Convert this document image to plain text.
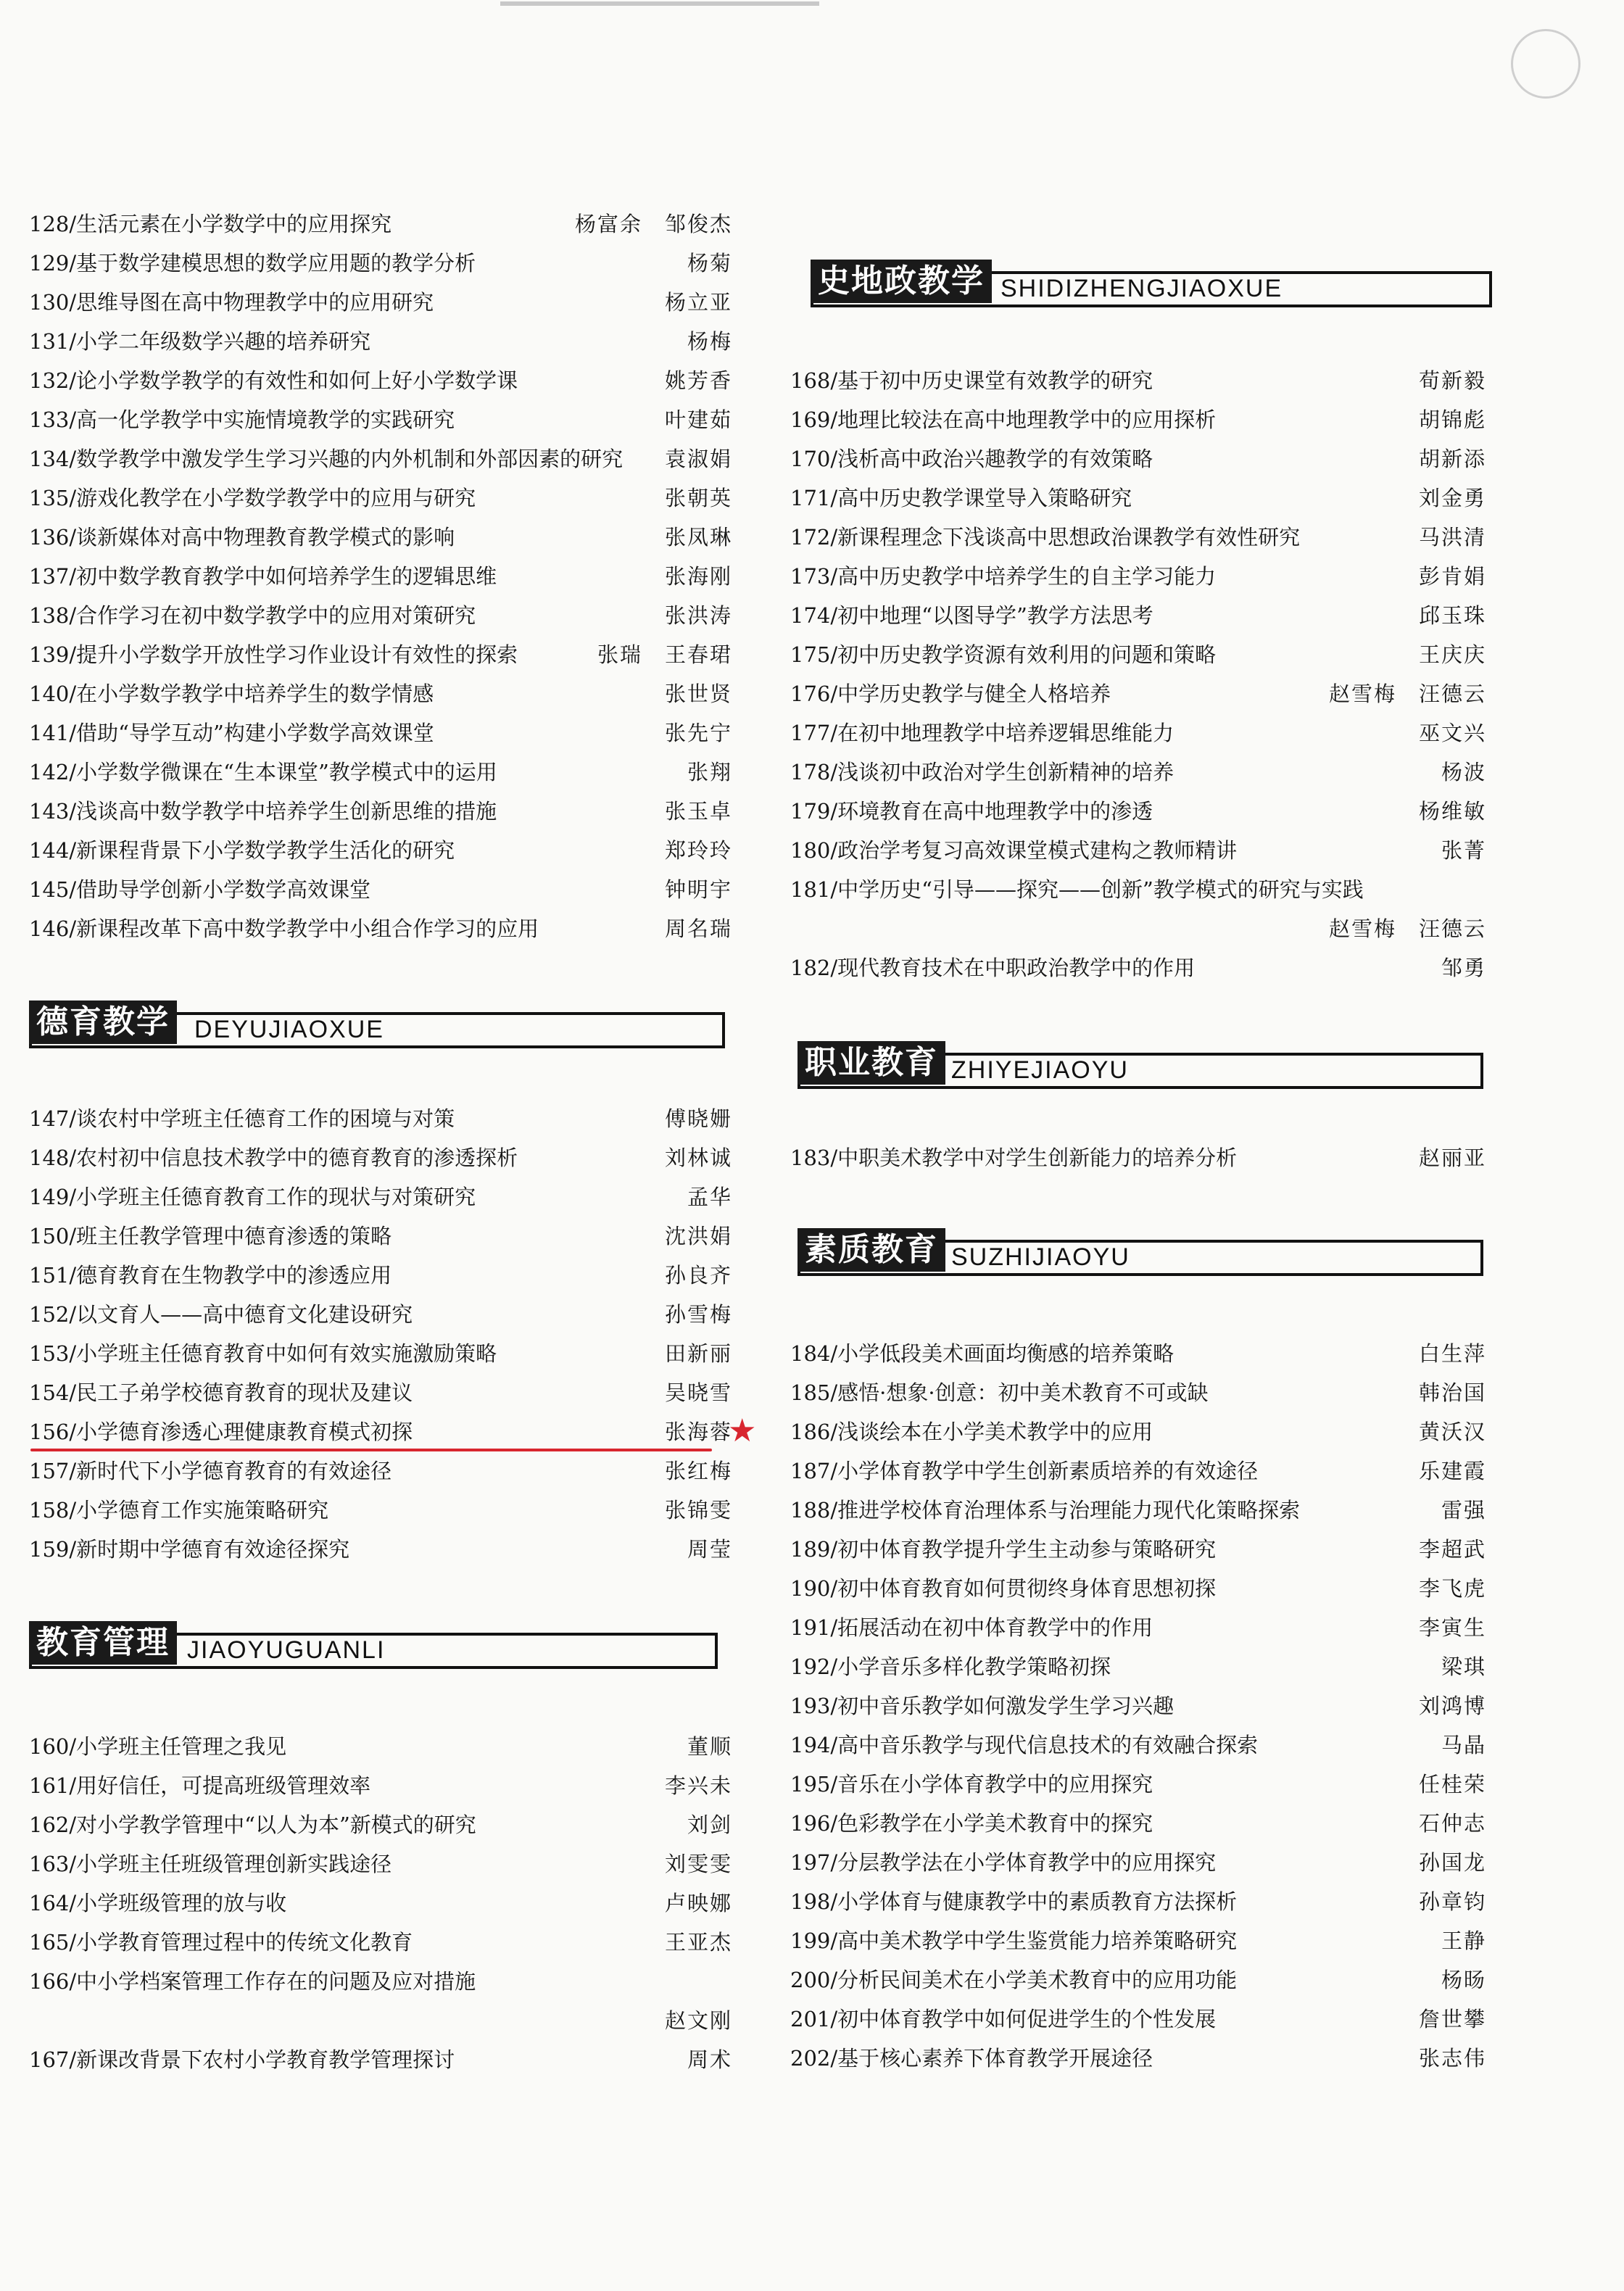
128/生活元素在小学数学中的应用探究	杨富余　邹俊杰
129/基于数学建模思想的数学应用题的教学分析	杨菊
130/思维导图在高中物理教学中的应用研究	杨立亚
131/小学二年级数学兴趣的培养研究	杨梅
132/论小学数学教学的有效性和如何上好小学数学课	姚芳香
133/高一化学教学中实施情境教学的实践研究	叶建茹
134/数学教学中激发学生学习兴趣的内外机制和外部因素的研究	袁淑娟
135/游戏化教学在小学数学教学中的应用与研究	张朝英
136/谈新媒体对高中物理教育教学模式的影响	张凤琳
137/初中数学教育教学中如何培养学生的逻辑思维	张海刚
138/合作学习在初中数学教学中的应用对策研究	张洪涛
139/提升小学数学开放性学习作业设计有效性的探索	张瑞　王春珺
140/在小学数学教学中培养学生的数学情感	张世贤
141/借助“导学互动”构建小学数学高效课堂	张先宁
142/小学数学微课在“生本课堂”教学模式中的运用	张翔
143/浅谈高中数学教学中培养学生创新思维的措施	张玉卓
144/新课程背景下小学数学教学生活化的研究	郑玲玲
145/借助导学创新小学数学高效课堂	钟明宇
146/新课程改革下高中数学教学中小组合作学习的应用	周名瑞
德育教学 DEYUJIAOXUE
147/谈农村中学班主任德育工作的困境与对策	傅晓姗
148/农村初中信息技术教学中的德育教育的渗透探析	刘林诚
149/小学班主任德育教育工作的现状与对策研究	孟华
150/班主任教学管理中德育渗透的策略	沈洪娟
151/德育教育在生物教学中的渗透应用	孙良齐
152/以文育人——高中德育文化建设研究	孙雪梅
153/小学班主任德育教育中如何有效实施激励策略	田新丽
154/民工子弟学校德育教育的现状及建议	吴晓雪
156/小学德育渗透心理健康教育模式初探	张海蓉
157/新时代下小学德育教育的有效途径	张红梅
158/小学德育工作实施策略研究	张锦雯
159/新时期中学德育有效途径探究	周莹
教育管理 JIAOYUGUANLI
160/小学班主任管理之我见	董顺
161/用好信任，可提高班级管理效率	李兴未
162/对小学教学管理中“以人为本”新模式的研究	刘剑
163/小学班主任班级管理创新实践途径	刘雯雯
164/小学班级管理的放与收	卢映娜
165/小学教育管理过程中的传统文化教育	王亚杰
166/中小学档案管理工作存在的问题及应对措施
赵文刚
167/新课改背景下农村小学教育教学管理探讨	周术
★
史地政教学 SHIDIZHENGJIAOXUE
168/基于初中历史课堂有效教学的研究	荀新毅
169/地理比较法在高中地理教学中的应用探析	胡锦彪
170/浅析高中政治兴趣教学的有效策略	胡新添
171/高中历史教学课堂导入策略研究	刘金勇
172/新课程理念下浅谈高中思想政治课教学有效性研究	马洪清
173/高中历史教学中培养学生的自主学习能力	彭肯娟
174/初中地理“以图导学”教学方法思考	邱玉珠
175/初中历史教学资源有效利用的问题和策略	王庆庆
176/中学历史教学与健全人格培养	赵雪梅　汪德云
177/在初中地理教学中培养逻辑思维能力	巫文兴
178/浅谈初中政治对学生创新精神的培养	杨波
179/环境教育在高中地理教学中的渗透	杨维敏
180/政治学考复习高效课堂模式建构之教师精讲	张菁
181/中学历史“引导——探究——创新”教学模式的研究与实践
赵雪梅　汪德云
182/现代教育技术在中职政治教学中的作用	邹勇
职业教育 ZHIYEJIAOYU
183/中职美术教学中对学生创新能力的培养分析	赵丽亚
素质教育 SUZHIJIAOYU
184/小学低段美术画面均衡感的培养策略	白生萍
185/感悟·想象·创意：初中美术教育不可或缺	韩治国
186/浅谈绘本在小学美术教学中的应用	黄沃汉
187/小学体育教学中学生创新素质培养的有效途径	乐建霞
188/推进学校体育治理体系与治理能力现代化策略探索	雷强
189/初中体育教学提升学生主动参与策略研究	李超武
190/初中体育教育如何贯彻终身体育思想初探	李飞虎
191/拓展活动在初中体育教学中的作用	李寅生
192/小学音乐多样化教学策略初探	梁琪
193/初中音乐教学如何激发学生学习兴趣	刘鸿博
194/高中音乐教学与现代信息技术的有效融合探索	马晶
195/音乐在小学体育教学中的应用探究	任桂荣
196/色彩教学在小学美术教育中的探究	石仲志
197/分层教学法在小学体育教学中的应用探究	孙国龙
198/小学体育与健康教学中的素质教育方法探析	孙章钧
199/高中美术教学中学生鉴赏能力培养策略研究	王静
200/分析民间美术在小学美术教育中的应用功能	杨旸
201/初中体育教学中如何促进学生的个性发展	詹世攀
202/基于核心素养下体育教学开展途径	张志伟
